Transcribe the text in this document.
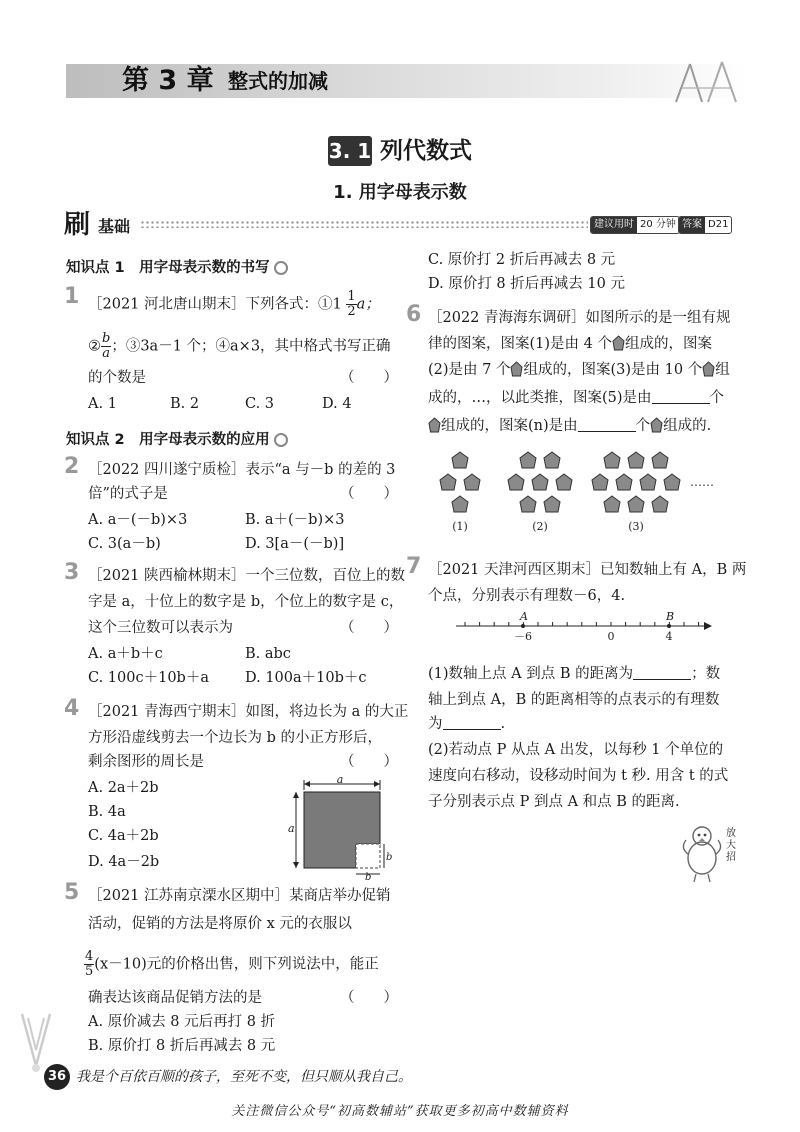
第 3 章 整式的加减
3. 1 列代数式
1. 用字母表示数
刷 基础	建议用时 20 分钟 答案 D21
知识点 1　用字母表示数的书写
1 ［2021 河北唐山期末］下列各式：①1 $\frac{1}{2}$ a；
② $\frac{b}{a}$ ；③3a－1 个；④a×3，其中格式书写正确
的个数是	（　　）
A. 1	B. 2	C. 3	D. 4
知识点 2　用字母表示数的应用
2 ［2022 四川遂宁质检］表示“a 与－b 的差的 3
倍”的式子是	（　　）
A. a－(－b)×3	B. a＋(－b)×3
C. 3(a－b)	D. 3[a－(－b)]
3 ［2021 陕西榆林期末］一个三位数，百位上的数
字是 a，十位上的数字是 b，个位上的数字是 c，
这个三位数可以表示为	（　　）
A. a＋b＋c	B. abc
C. 100c＋10b＋a D. 100a＋10b＋c
4 ［2021 青海西宁期末］如图，将边长为 a 的大正
方形沿虚线剪去一个边长为 b 的小正方形后，
剩余图形的周长是	（　　）
A. 2a＋2b
B. 4a
C. 4a＋2b
D. 4a－2b
a
a
b
b
5 ［2021 江苏南京溧水区期中］某商店举办促销
活动，促销的方法是将原价 x 元的衣服以
$\frac{4}{5} (x-10)$元的价格出售，则下列说法中，能正
确表达该商品促销方法的是	（　　）
A. 原价减去 8 元后再打 8 折
B. 原价打 8 折后再减去 8 元
C. 原价打 2 折后再减去 8 元
D. 原价打 8 折后再减去 10 元
6 ［2022 青海海东调研］如图所示的是一组有规
律的图案，图案(1)是由 4 个 组成的，图案
(2)是由 7 个 组成的，图案(3)是由 10 个 组
成的，…，以此类推，图案(5)是由	个
组成的，图案(n)是由	个 组成的.
……
(1)	(2)	(3)
7 ［2021 天津河西区期末］已知数轴上有 A，B 两
个点，分别表示有理数－6，4.
A	B
－6	0	4
(1)数轴上点 A 到点 B 的距离为	；数
轴上到点 A，B 的距离相等的点表示的有理数
为	.
(2)若动点 P 从点 A 出发，以每秒 1 个单位的
速度向右移动，设移动时间为 t 秒. 用含 t 的式
子分别表示点 P 到点 A 和点 B 的距离.
放大招
36 我是个百依百顺的孩子，至死不变，但只顺从我自己。
关注微信公众号“初高数辅站”获取更多初高中数辅资料
